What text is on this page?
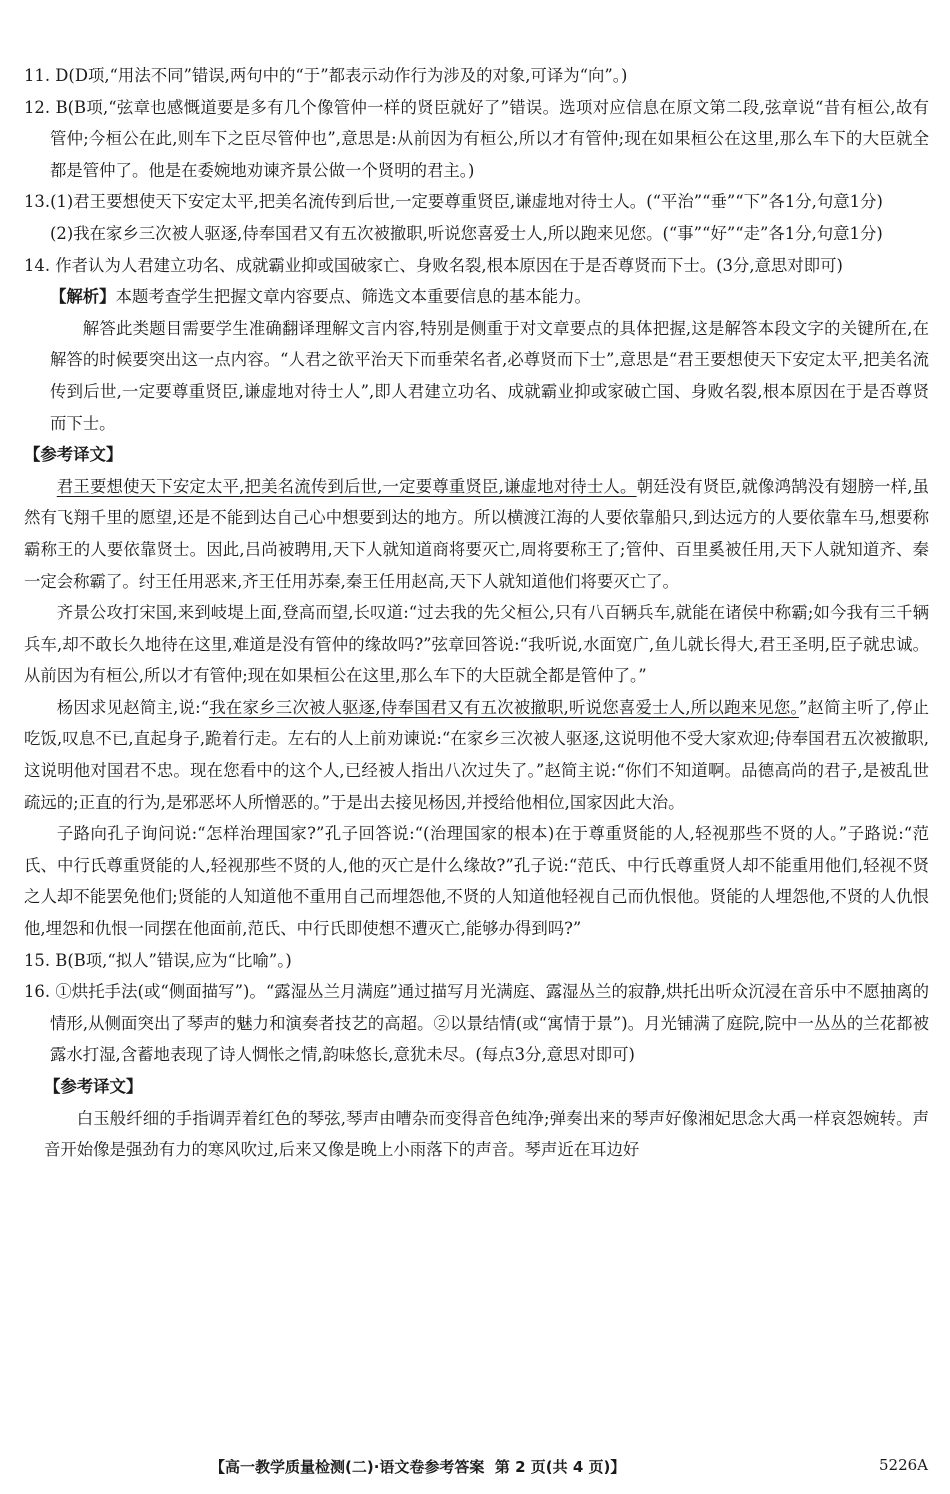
11. D(D项,“用法不同”错误,两句中的“于”都表示动作行为涉及的对象,可译为“向”。)

12. B(B项,“弦章也感慨道要是多有几个像管仲一样的贤臣就好了”错误。选项对应信息在原文第二段,弦章说“昔有桓公,故有管仲;今桓公在此,则车下之臣尽管仲也”,意思是:从前因为有桓公,所以才有管仲;现在如果桓公在这里,那么车下的大臣就全都是管仲了。他是在委婉地劝谏齐景公做一个贤明的君主。)

13.(1)君王要想使天下安定太平,把美名流传到后世,一定要尊重贤臣,谦虚地对待士人。(“平治”“垂”“下”各1分,句意1分)

(2)我在家乡三次被人驱逐,侍奉国君又有五次被撤职,听说您喜爱士人,所以跑来见您。(“事”“好”“走”各1分,句意1分)

14. 作者认为人君建立功名、成就霸业抑或国破家亡、身败名裂,根本原因在于是否尊贤而下士。(3分,意思对即可)

【解析】本题考查学生把握文章内容要点、筛选文本重要信息的基本能力。

解答此类题目需要学生准确翻译理解文言内容,特别是侧重于对文章要点的具体把握,这是解答本段文字的关键所在,在解答的时候要突出这一点内容。“人君之欲平治天下而垂荣名者,必尊贤而下士”,意思是“君王要想使天下安定太平,把美名流传到后世,一定要尊重贤臣,谦虚地对待士人”,即人君建立功名、成就霸业抑或家破亡国、身败名裂,根本原因在于是否尊贤而下士。

【参考译文】

君王要想使天下安定太平,把美名流传到后世,一定要尊重贤臣,谦虚地对待士人。朝廷没有贤臣,就像鸿鹄没有翅膀一样,虽然有飞翔千里的愿望,还是不能到达自己心中想要到达的地方。所以横渡江海的人要依靠船只,到达远方的人要依靠车马,想要称霸称王的人要依靠贤士。因此,吕尚被聘用,天下人就知道商将要灭亡,周将要称王了;管仲、百里奚被任用,天下人就知道齐、秦一定会称霸了。纣王任用恶来,齐王任用苏秦,秦王任用赵高,天下人就知道他们将要灭亡了。

齐景公攻打宋国,来到岐堤上面,登高而望,长叹道:“过去我的先父桓公,只有八百辆兵车,就能在诸侯中称霸;如今我有三千辆兵车,却不敢长久地待在这里,难道是没有管仲的缘故吗?”弦章回答说:“我听说,水面宽广,鱼儿就长得大,君王圣明,臣子就忠诚。从前因为有桓公,所以才有管仲;现在如果桓公在这里,那么车下的大臣就全都是管仲了。”

杨因求见赵简主,说:“我在家乡三次被人驱逐,侍奉国君又有五次被撤职,听说您喜爱士人,所以跑来见您。”赵简主听了,停止吃饭,叹息不已,直起身子,跪着行走。左右的人上前劝谏说:“在家乡三次被人驱逐,这说明他不受大家欢迎;侍奉国君五次被撤职,这说明他对国君不忠。现在您看中的这个人,已经被人指出八次过失了。”赵简主说:“你们不知道啊。品德高尚的君子,是被乱世疏远的;正直的行为,是邪恶坏人所憎恶的。”于是出去接见杨因,并授给他相位,国家因此大治。

子路向孔子询问说:“怎样治理国家?”孔子回答说:“(治理国家的根本)在于尊重贤能的人,轻视那些不贤的人。”子路说:“范氏、中行氏尊重贤能的人,轻视那些不贤的人,他的灭亡是什么缘故?”孔子说:“范氏、中行氏尊重贤人却不能重用他们,轻视不贤之人却不能罢免他们;贤能的人知道他不重用自己而埋怨他,不贤的人知道他轻视自己而仇恨他。贤能的人埋怨他,不贤的人仇恨他,埋怨和仇恨一同摆在他面前,范氏、中行氏即使想不遭灭亡,能够办得到吗?”

15. B(B项,“拟人”错误,应为“比喻”。)

16. ①烘托手法(或“侧面描写”)。“露湿丛兰月满庭”通过描写月光满庭、露湿丛兰的寂静,烘托出听众沉浸在音乐中不愿抽离的情形,从侧面突出了琴声的魅力和演奏者技艺的高超。②以景结情(或“寓情于景”)。月光铺满了庭院,院中一丛丛的兰花都被露水打湿,含蓄地表现了诗人惆怅之情,韵味悠长,意犹未尽。(每点3分,意思对即可)

【参考译文】

白玉般纤细的手指调弄着红色的琴弦,琴声由嘈杂而变得音色纯净;弹奏出来的琴声好像湘妃思念大禹一样哀怨婉转。声音开始像是强劲有力的寒风吹过,后来又像是晚上小雨落下的声音。琴声近在耳边好

【高一教学质量检测(二)·语文卷参考答案 第 2 页(共 4 页)】	5226A
